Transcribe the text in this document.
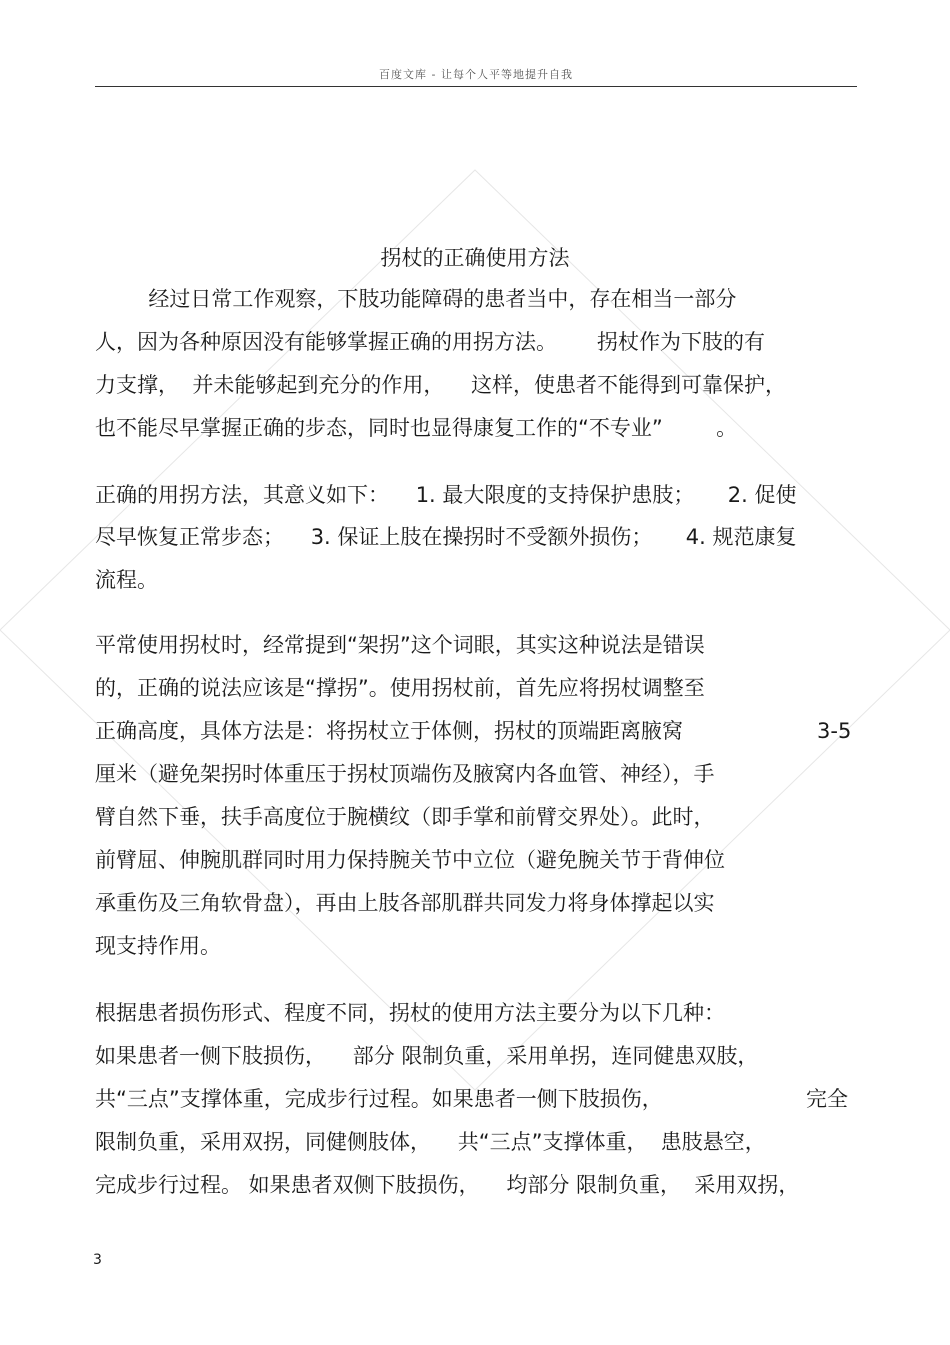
百度文库 - 让每个人平等地提升自我
拐杖的正确使用方法
经过日常工作观察，下肢功能障碍的患者当中，存在相当一部分
人，因为各种原因没有能够掌握正确的用拐方法。      拐杖作为下肢的有
力支撑，  并未能够起到充分的作用，    这样，使患者不能得到可靠保护，
也不能尽早掌握正确的步态，同时也显得康复工作的“不专业”        。
正确的用拐方法，其意义如下：    1. 最大限度的支持保护患肢；     2. 促使
尽早恢复正常步态；    3. 保证上肢在操拐时不受额外损伤；     4. 规范康复
流程。
平常使用拐杖时，经常提到“架拐”这个词眼，其实这种说法是错误
的，正确的说法应该是“撑拐”。使用拐杖前，首先应将拐杖调整至
正确高度，具体方法是：将拐杖立于体侧，拐杖的顶端距离腋窝	3-5
厘米（避免架拐时体重压于拐杖顶端伤及腋窝内各血管、神经），手
臂自然下垂，扶手高度位于腕横纹（即手掌和前臂交界处）。此时，
前臂屈、伸腕肌群同时用力保持腕关节中立位（避免腕关节于背伸位
承重伤及三角软骨盘），再由上肢各部肌群共同发力将身体撑起以实
现支持作用。
根据患者损伤形式、程度不同，拐杖的使用方法主要分为以下几种：
如果患者一侧下肢损伤，    部分 限制负重，采用单拐，连同健患双肢，
共“三点”支撑体重，完成步行过程。如果患者一侧下肢损伤，	完全
限制负重，采用双拐，同健侧肢体，    共“三点”支撑体重，  患肢悬空，
完成步行过程。 如果患者双侧下肢损伤，    均部分 限制负重，  采用双拐，
3
